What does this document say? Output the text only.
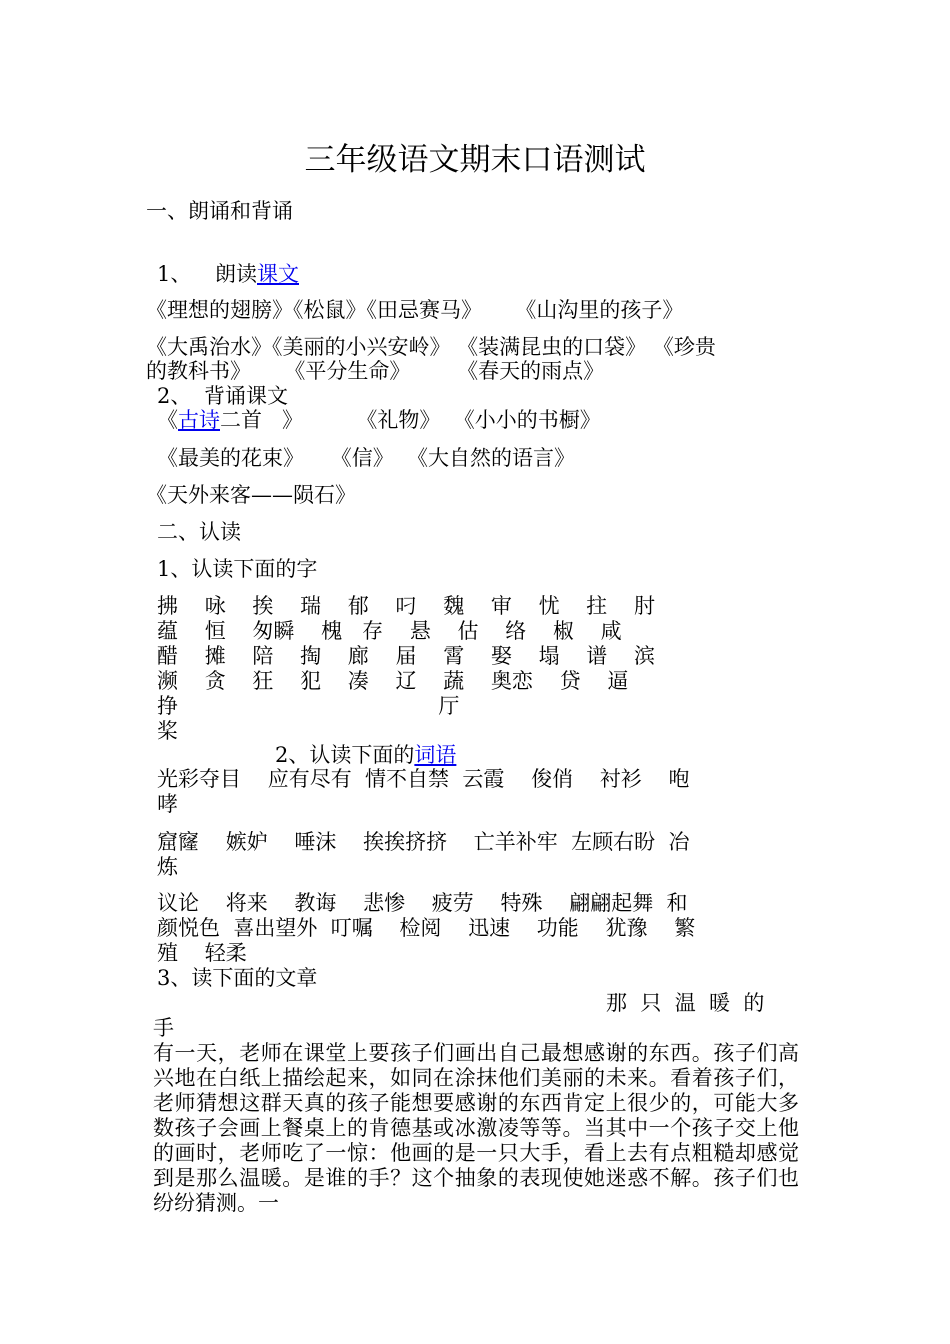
三年级语文期末口语测试
一、朗诵和背诵
1、 朗读课文
《理想的翅膀》《松鼠》《田忌赛马》     《山沟里的孩子》
《大禹治水》《美丽的小兴安岭》 《装满昆虫的口袋》 《珍贵
的教科书》     《平分生命》       《春天的雨点》
2、 背诵课文
《古诗二首   》        《礼物》  《小小的书橱》
《最美的花束》    《信》  《大自然的语言》
《天外来客——陨石》
二、认读
1、认读下面的字
拂    咏    挨    瑞    郁    叼    魏    审    忧    拄    肘
蕴    恒    匆瞬    槐   存    悬    估    络    椒    咸
醋    摊    陪    掏    廊    届    霄    娶    塌    谱    滨
濒    贪    狂    犯    凑    辽    蔬    奥恋    贷    逼
挣                                       厅
桨
2、认读下面的词语
光彩夺目    应有尽有  情不自禁  云霞    俊俏    衬衫    咆
哮
窟窿    嫉妒    唾沫    挨挨挤挤    亡羊补牢  左顾右盼  冶
炼
议论    将来    教诲    悲惨    疲劳    特殊    翩翩起舞  和
颜悦色  喜出望外  叮嘱    检阅    迅速    功能    犹豫    繁
殖    轻柔
3、读下面的文章
那  只  温  暖  的
手
有一天，老师在课堂上要孩子们画出自己最想感谢的东西。孩子们高兴地在白纸上描绘起来，如同在涂抹他们美丽的未来。看着孩子们，老师猜想这群天真的孩子能想要感谢的东西肯定上很少的，可能大多数孩子会画上餐桌上的肯德基或冰激凌等等。当其中一个孩子交上他的画时，老师吃了一惊：他画的是一只大手，看上去有点粗糙却感觉到是那么温暖。是谁的手？这个抽象的表现使她迷惑不解。孩子们也纷纷猜测。一
